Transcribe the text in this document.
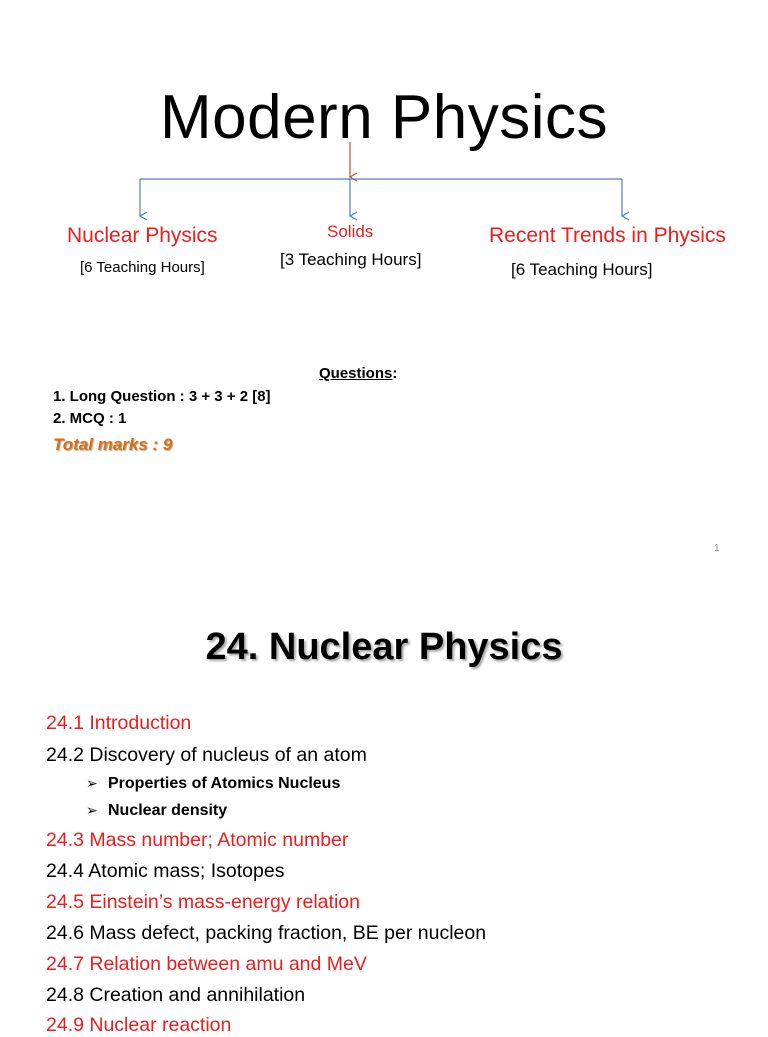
Modern Physics
Nuclear Physics
[6 Teaching Hours]
Solids
[3 Teaching Hours]
Recent Trends in Physics
[6 Teaching Hours]
Questions:
1. Long Question : 3 + 3 + 2 [8]
2. MCQ : 1
Total marks : 9
1
24. Nuclear Physics
24.1 Introduction
24.2 Discovery of nucleus of an atom
➢ Properties of Atomics Nucleus
➢ Nuclear density
24.3 Mass number; Atomic number
24.4 Atomic mass; Isotopes
24.5 Einstein’s mass-energy relation
24.6 Mass defect, packing fraction, BE per nucleon
24.7 Relation between amu and MeV
24.8 Creation and annihilation
24.9 Nuclear reaction
